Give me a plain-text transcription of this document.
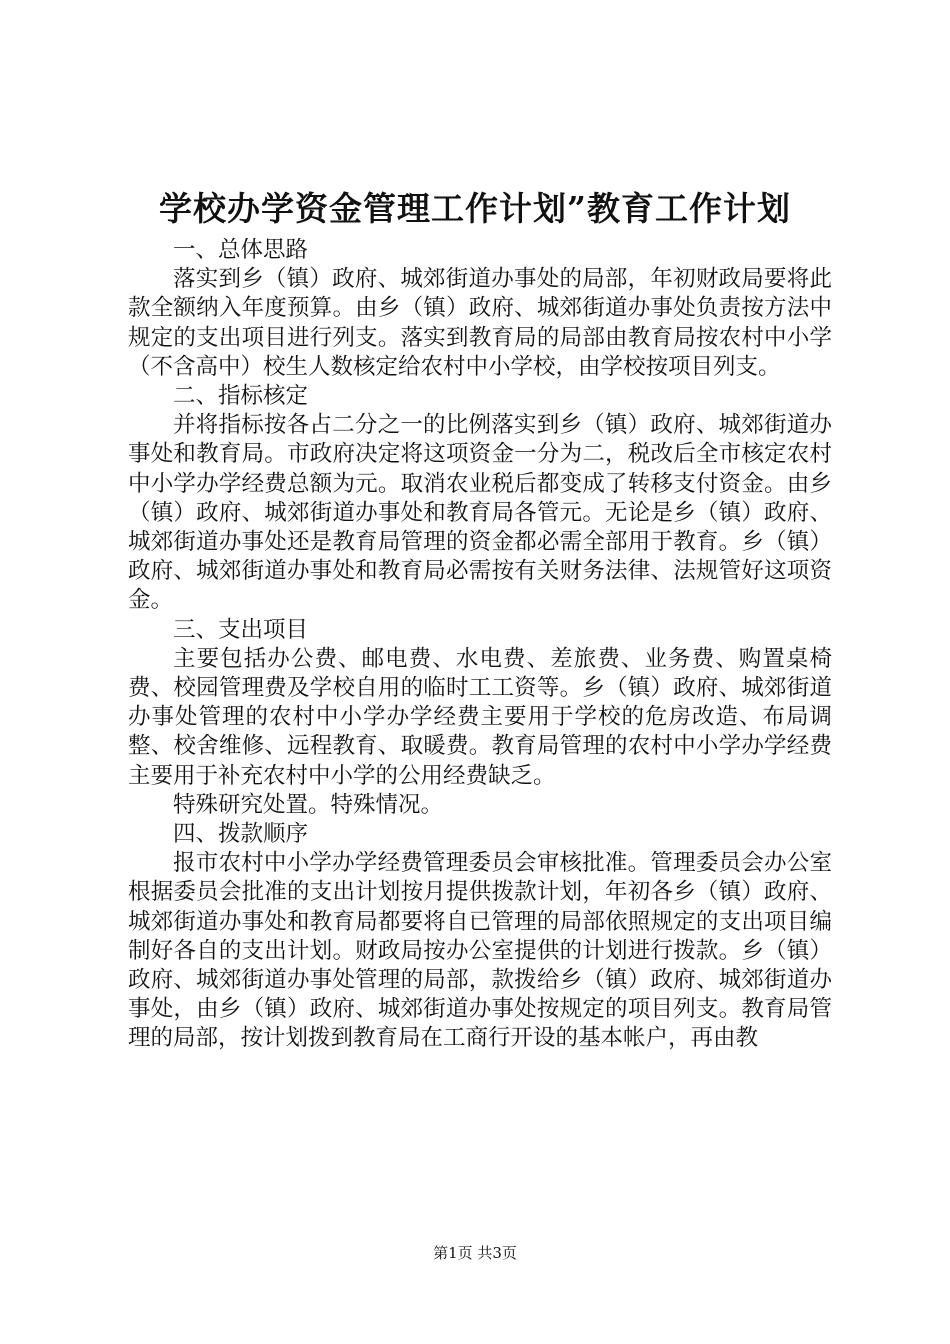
学校办学资金管理工作计划”教育工作计划

一、总体思路

落实到乡（镇）政府、城郊街道办事处的局部，年初财政局要将此款全额纳入年度预算。由乡（镇）政府、城郊街道办事处负责按方法中规定的支出项目进行列支。落实到教育局的局部由教育局按农村中小学（不含高中）校生人数核定给农村中小学校，由学校按项目列支。

二、指标核定

并将指标按各占二分之一的比例落实到乡（镇）政府、城郊街道办事处和教育局。市政府决定将这项资金一分为二，税改后全市核定农村中小学办学经费总额为元。取消农业税后都变成了转移支付资金。由乡（镇）政府、城郊街道办事处和教育局各管元。无论是乡（镇）政府、城郊街道办事处还是教育局管理的资金都必需全部用于教育。乡（镇）政府、城郊街道办事处和教育局必需按有关财务法律、法规管好这项资金。

三、支出项目

主要包括办公费、邮电费、水电费、差旅费、业务费、购置桌椅费、校园管理费及学校自用的临时工工资等。乡（镇）政府、城郊街道办事处管理的农村中小学办学经费主要用于学校的危房改造、布局调整、校舍维修、远程教育、取暖费。教育局管理的农村中小学办学经费主要用于补充农村中小学的公用经费缺乏。

特殊研究处置。特殊情况。

四、拨款顺序

报市农村中小学办学经费管理委员会审核批准。管理委员会办公室根据委员会批准的支出计划按月提供拨款计划，年初各乡（镇）政府、城郊街道办事处和教育局都要将自已管理的局部依照规定的支出项目编制好各自的支出计划。财政局按办公室提供的计划进行拨款。乡（镇）政府、城郊街道办事处管理的局部，款拨给乡（镇）政府、城郊街道办事处，由乡（镇）政府、城郊街道办事处按规定的项目列支。教育局管理的局部，按计划拨到教育局在工商行开设的基本帐户，再由教

第1页 共3页
